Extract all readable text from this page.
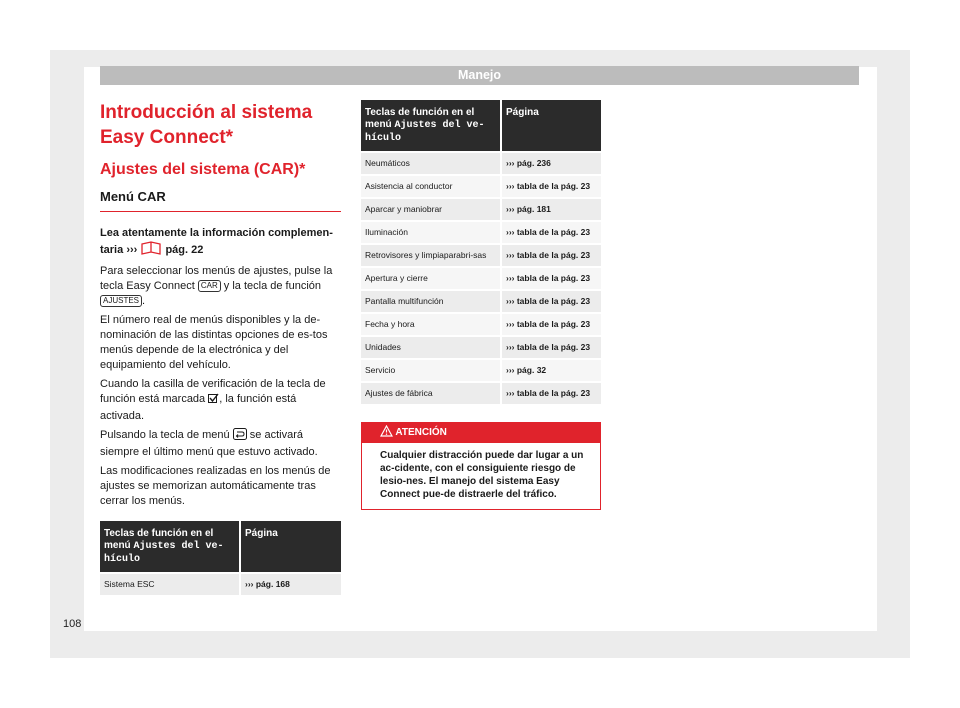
Manejo

Introducción al sistema Easy Connect*

Ajustes del sistema (CAR)*

Menú CAR

Lea atentamente la información complemen-
taria ›››	pág. 22

Para seleccionar los menús de ajustes, pulse la tecla Easy Connect CAR y la tecla de función AJUSTES .

El número real de menús disponibles y la de-nominación de las distintas opciones de es-tos menús depende de la electrónica y del equipamiento del vehículo.

Cuando la casilla de verificación de la tecla de función está marcada , la función está activada.

Pulsando la tecla de menú se activará siempre el último menú que estuvo activado.

Las modificaciones realizadas en los menús de ajustes se memorizan automáticamente tras cerrar los menús.

Teclas de función en el menú Ajustes del ve-hículo	Página
Sistema ESC	››› pág. 168
Teclas de función en el menú Ajustes del ve-hículo	Página
Neumáticos	››› pág. 236
Asistencia al conductor	››› tabla de la pág. 23
Aparcar y maniobrar	››› pág. 181
Iluminación	››› tabla de la pág. 23
Retrovisores y limpiaparabri-sas	››› tabla de la pág. 23
Apertura y cierre	››› tabla de la pág. 23
Pantalla multifunción	››› tabla de la pág. 23
Fecha y hora	››› tabla de la pág. 23
Unidades	››› tabla de la pág. 23
Servicio	››› pág. 32
Ajustes de fábrica	››› tabla de la pág. 23
ATENCIÓN
Cualquier distracción puede dar lugar a un ac-cidente, con el consiguiente riesgo de lesio-nes. El manejo del sistema Easy Connect pue-de distraerle del tráfico.
108
